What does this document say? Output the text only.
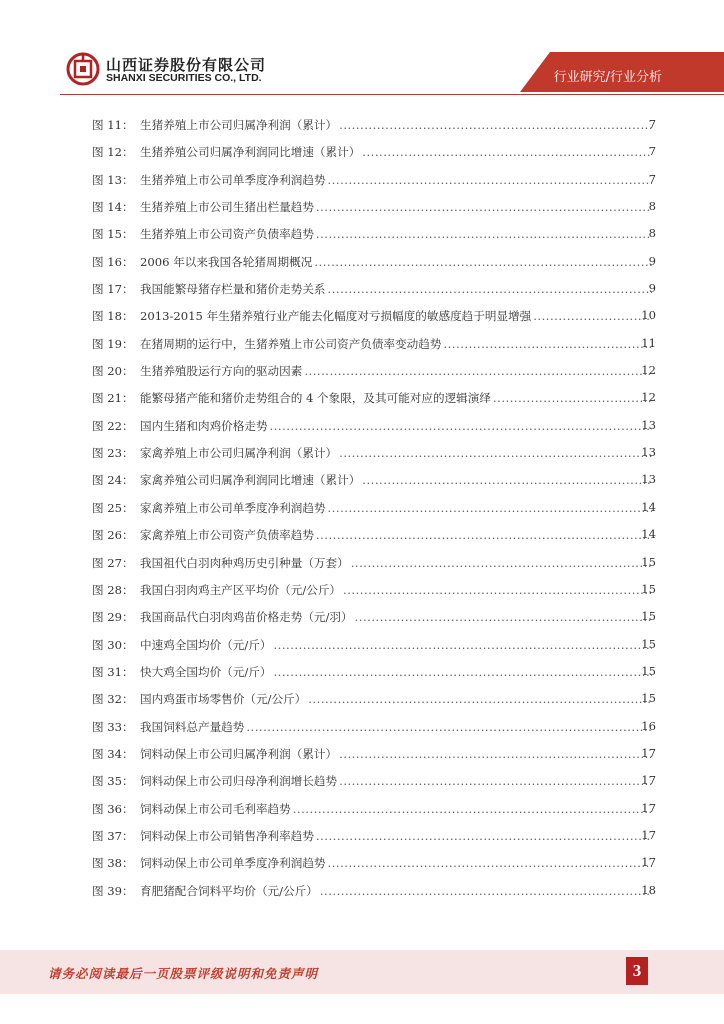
山西证券股份有限公司
SHANXI SECURITIES CO., LTD.	行业研究/行业分析
图 11： 生猪养殖上市公司归属净利润（累计） .....	7
图 12： 生猪养殖公司归属净利润同比增速（累计） .....	7
图 13： 生猪养殖上市公司单季度净利润趋势 .....	7
图 14： 生猪养殖上市公司生猪出栏量趋势 .....	8
图 15： 生猪养殖上市公司资产负债率趋势 .....	8
图 16： 2006 年以来我国各轮猪周期概况 .....	9
图 17： 我国能繁母猪存栏量和猪价走势关系 .....	9
图 18： 2013-2015 年生猪养殖行业产能去化幅度对亏损幅度的敏感度趋于明显增强 .....	10
图 19： 在猪周期的运行中，生猪养殖上市公司资产负债率变动趋势 .....	11
图 20： 生猪养殖股运行方向的驱动因素 .....	12
图 21： 能繁母猪产能和猪价走势组合的 4 个象限，及其可能对应的逻辑演绎 .....	12
图 22： 国内生猪和肉鸡价格走势 .....	13
图 23： 家禽养殖上市公司归属净利润（累计） .....	13
图 24： 家禽养殖公司归属净利润同比增速（累计） .....	13
图 25： 家禽养殖上市公司单季度净利润趋势 .....	14
图 26： 家禽养殖上市公司资产负债率趋势 .....	14
图 27： 我国祖代白羽肉种鸡历史引种量（万套） .....	15
图 28： 我国白羽肉鸡主产区平均价（元/公斤） .....	15
图 29： 我国商品代白羽肉鸡苗价格走势（元/羽） .....	15
图 30： 中速鸡全国均价（元/斤） .....	15
图 31： 快大鸡全国均价（元/斤） .....	15
图 32： 国内鸡蛋市场零售价（元/公斤） .....	15
图 33： 我国饲料总产量趋势 .....	16
图 34： 饲料动保上市公司归属净利润（累计） .....	17
图 35： 饲料动保上市公司归母净利润增长趋势 .....	17
图 36： 饲料动保上市公司毛利率趋势 .....	17
图 37： 饲料动保上市公司销售净利率趋势 .....	17
图 38： 饲料动保上市公司单季度净利润趋势 .....	17
图 39： 育肥猪配合饲料平均价（元/公斤） .....	18
请务必阅读最后一页股票评级说明和免责声明	3
